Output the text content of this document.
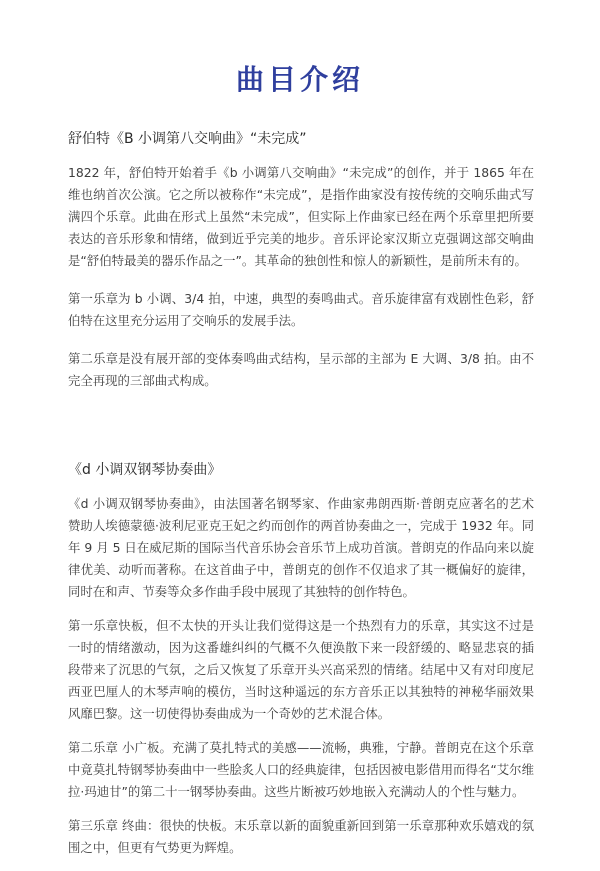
曲目介绍
舒伯特《B 小调第八交响曲》“未完成”

1822 年，舒伯特开始着手《b 小调第八交响曲》“未完成”的创作，并于 1865 年在维也纳首次公演。它之所以被称作“未完成”，是指作曲家没有按传统的交响乐曲式写满四个乐章。此曲在形式上虽然“未完成”，但实际上作曲家已经在两个乐章里把所要表达的音乐形象和情绪，做到近乎完美的地步。音乐评论家汉斯立克强调这部交响曲是“舒伯特最美的器乐作品之一”。其革命的独创性和惊人的新颖性，是前所未有的。

第一乐章为 b 小调、3/4 拍，中速，典型的奏鸣曲式。音乐旋律富有戏剧性色彩，舒伯特在这里充分运用了交响乐的发展手法。

第二乐章是没有展开部的变体奏鸣曲式结构，呈示部的主部为 E 大调、3/8 拍。由不完全再现的三部曲式构成。

《d 小调双钢琴协奏曲》

《d 小调双钢琴协奏曲》，由法国著名钢琴家、作曲家弗朗西斯·普朗克应著名的艺术赞助人埃德蒙德·波利尼亚克王妃之约而创作的两首协奏曲之一，完成于 1932 年。同年 9 月 5 日在威尼斯的国际当代音乐协会音乐节上成功首演。普朗克的作品向来以旋律优美、动听而著称。在这首曲子中，普朗克的创作不仅追求了其一概偏好的旋律，同时在和声、节奏等众多作曲手段中展现了其独特的创作特色。

第一乐章快板，但不太快的开头让我们觉得这是一个热烈有力的乐章，其实这不过是一时的情绪激动，因为这番雄纠纠的气概不久便涣散下来一段舒缓的、略显悲哀的插段带来了沉思的气氛，之后又恢复了乐章开头兴高采烈的情绪。结尾中又有对印度尼西亚巴厘人的木琴声响的模仿，当时这种遥远的东方音乐正以其独特的神秘华丽效果风靡巴黎。这一切使得协奏曲成为一个奇妙的艺术混合体。

第二乐章 小广板。充满了莫扎特式的美感——流畅，典雅，宁静。普朗克在这个乐章中竟莫扎特钢琴协奏曲中一些脍炙人口的经典旋律，包括因被电影借用而得名“艾尔维拉·玛迪甘”的第二十一钢琴协奏曲。这些片断被巧妙地嵌入充满动人的个性与魅力。

第三乐章 终曲：很快的快板。末乐章以新的面貌重新回到第一乐章那种欢乐嬉戏的氛围之中，但更有气势更为辉煌。
